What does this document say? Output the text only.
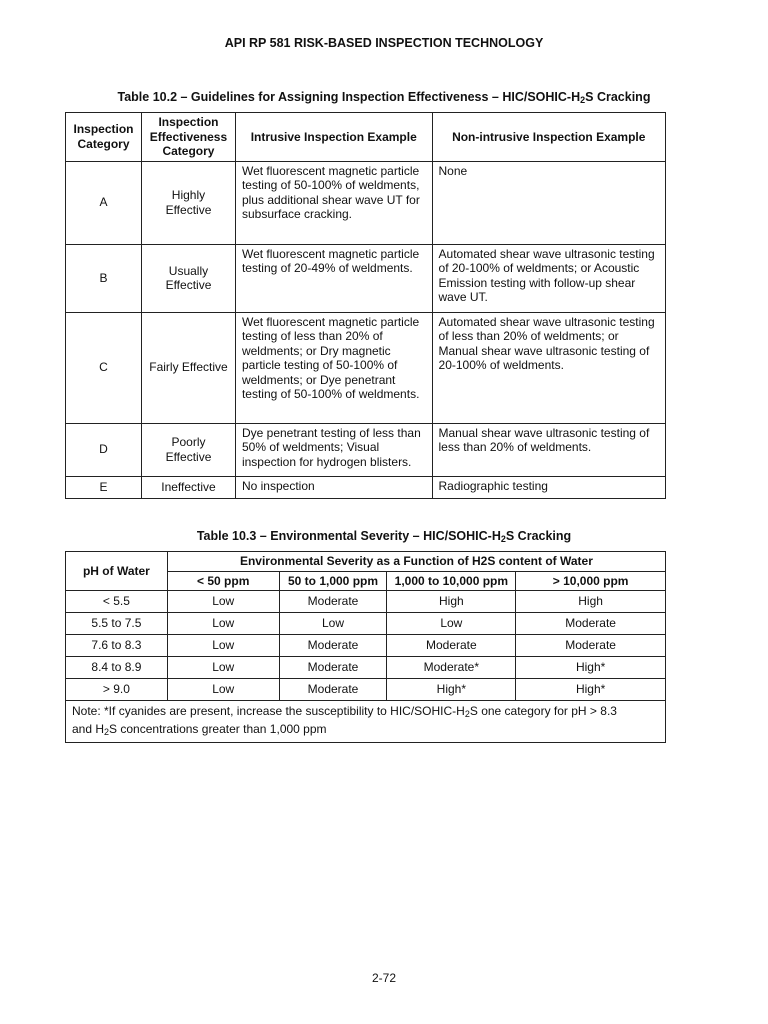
API RP 581 RISK-BASED INSPECTION TECHNOLOGY
Table 10.2 – Guidelines for Assigning Inspection Effectiveness – HIC/$SOHIC-H_2S$ Cracking
Inspection Category	Inspection Effectiveness Category	Intrusive Inspection Example	Non-intrusive Inspection Example
A	Highly Effective	Wet fluorescent magnetic particle testing of 50-100% of weldments, plus additional shear wave UT for subsurface cracking.	None
B	Usually Effective	Wet fluorescent magnetic particle testing of 20-49% of weldments.	Automated shear wave ultrasonic testing of 20-100% of weldments; or Acoustic Emission testing with follow-up shear wave UT.
C	Fairly Effective	Wet fluorescent magnetic particle testing of less than 20% of weldments; or Dry magnetic particle testing of 50-100% of weldments; or Dye penetrant testing of 50-100% of weldments.	Automated shear wave ultrasonic testing of less than 20% of weldments; or Manual shear wave ultrasonic testing of 20-100% of weldments.
D	Poorly Effective	Dye penetrant testing of less than 50% of weldments; Visual inspection for hydrogen blisters.	Manual shear wave ultrasonic testing of less than 20% of weldments.
E	Ineffective	No inspection	Radiographic testing
Table 10.3 – Environmental Severity – HIC/$SOHIC-H_2S$ Cracking
pH of Water	Environmental Severity as a Function of H2S content of Water			
	< 50 ppm	50 to 1,000 ppm	1,000 to 10,000 ppm	> 10,000 ppm
< 5.5	Low	Moderate	High	High
5.5 to 7.5	Low	Low	Low	Moderate
7.6 to 8.3	Low	Moderate	Moderate	Moderate
8.4 to 8.9	Low	Moderate	Moderate*	High*
> 9.0	Low	Moderate	High*	High*
Note: *If cyanides are present, increase the susceptibility to HIC/$SOHIC-H_2S$ one category for pH > 8.3
and $H_2S$ concentrations greater than 1,000 ppm				
2-72
